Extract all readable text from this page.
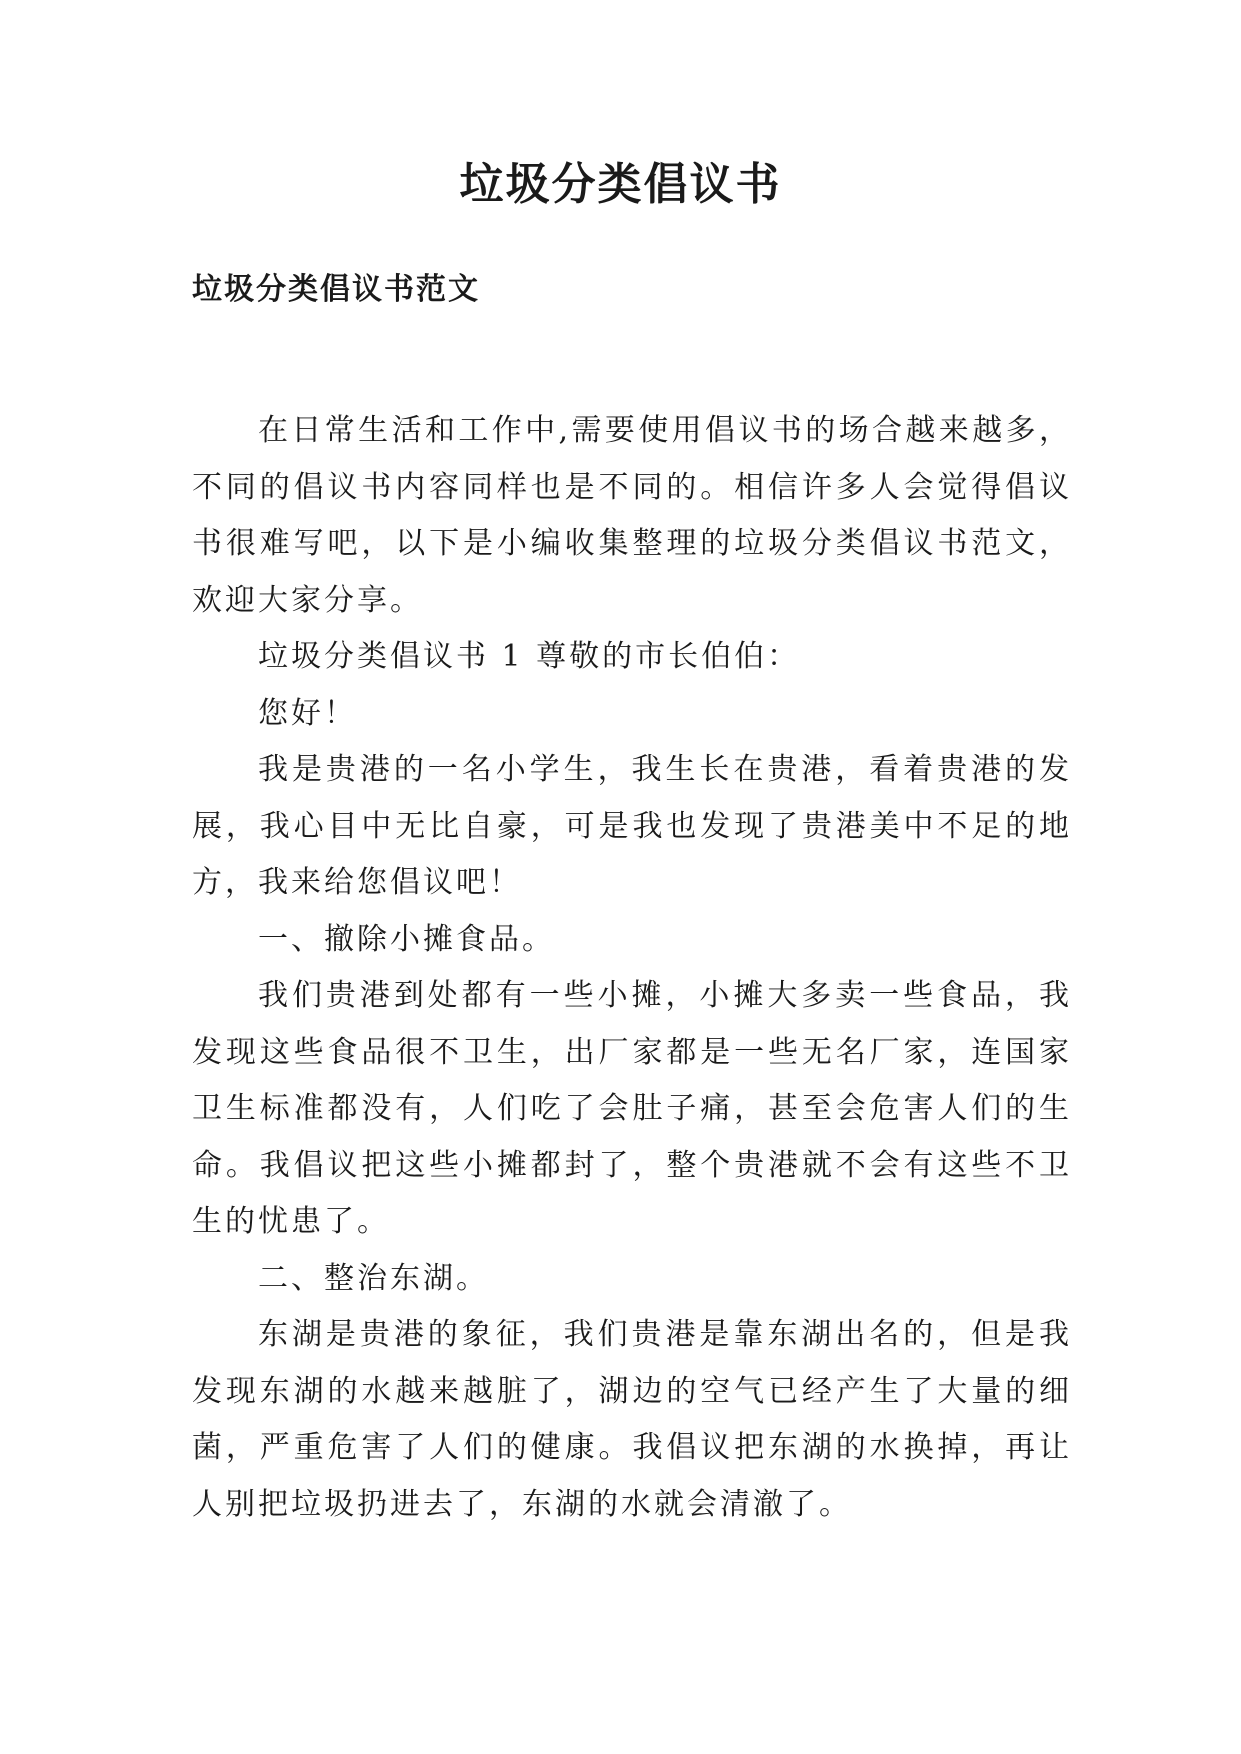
垃圾分类倡议书
垃圾分类倡议书范文

在日常生活和工作中,需要使用倡议书的场合越来越多，不同的倡议书内容同样也是不同的。相信许多人会觉得倡议书很难写吧，以下是小编收集整理的垃圾分类倡议书范文，欢迎大家分享。

垃圾分类倡议书 1 尊敬的市长伯伯：

您好！

我是贵港的一名小学生，我生长在贵港，看着贵港的发展，我心目中无比自豪，可是我也发现了贵港美中不足的地方，我来给您倡议吧！

一、撤除小摊食品。

我们贵港到处都有一些小摊，小摊大多卖一些食品，我发现这些食品很不卫生，出厂家都是一些无名厂家，连国家卫生标准都没有，人们吃了会肚子痛，甚至会危害人们的生命。我倡议把这些小摊都封了，整个贵港就不会有这些不卫生的忧患了。

二、整治东湖。

东湖是贵港的象征，我们贵港是靠东湖出名的，但是我发现东湖的水越来越脏了，湖边的空气已经产生了大量的细菌，严重危害了人们的健康。我倡议把东湖的水换掉，再让人别把垃圾扔进去了，东湖的水就会清澈了。
